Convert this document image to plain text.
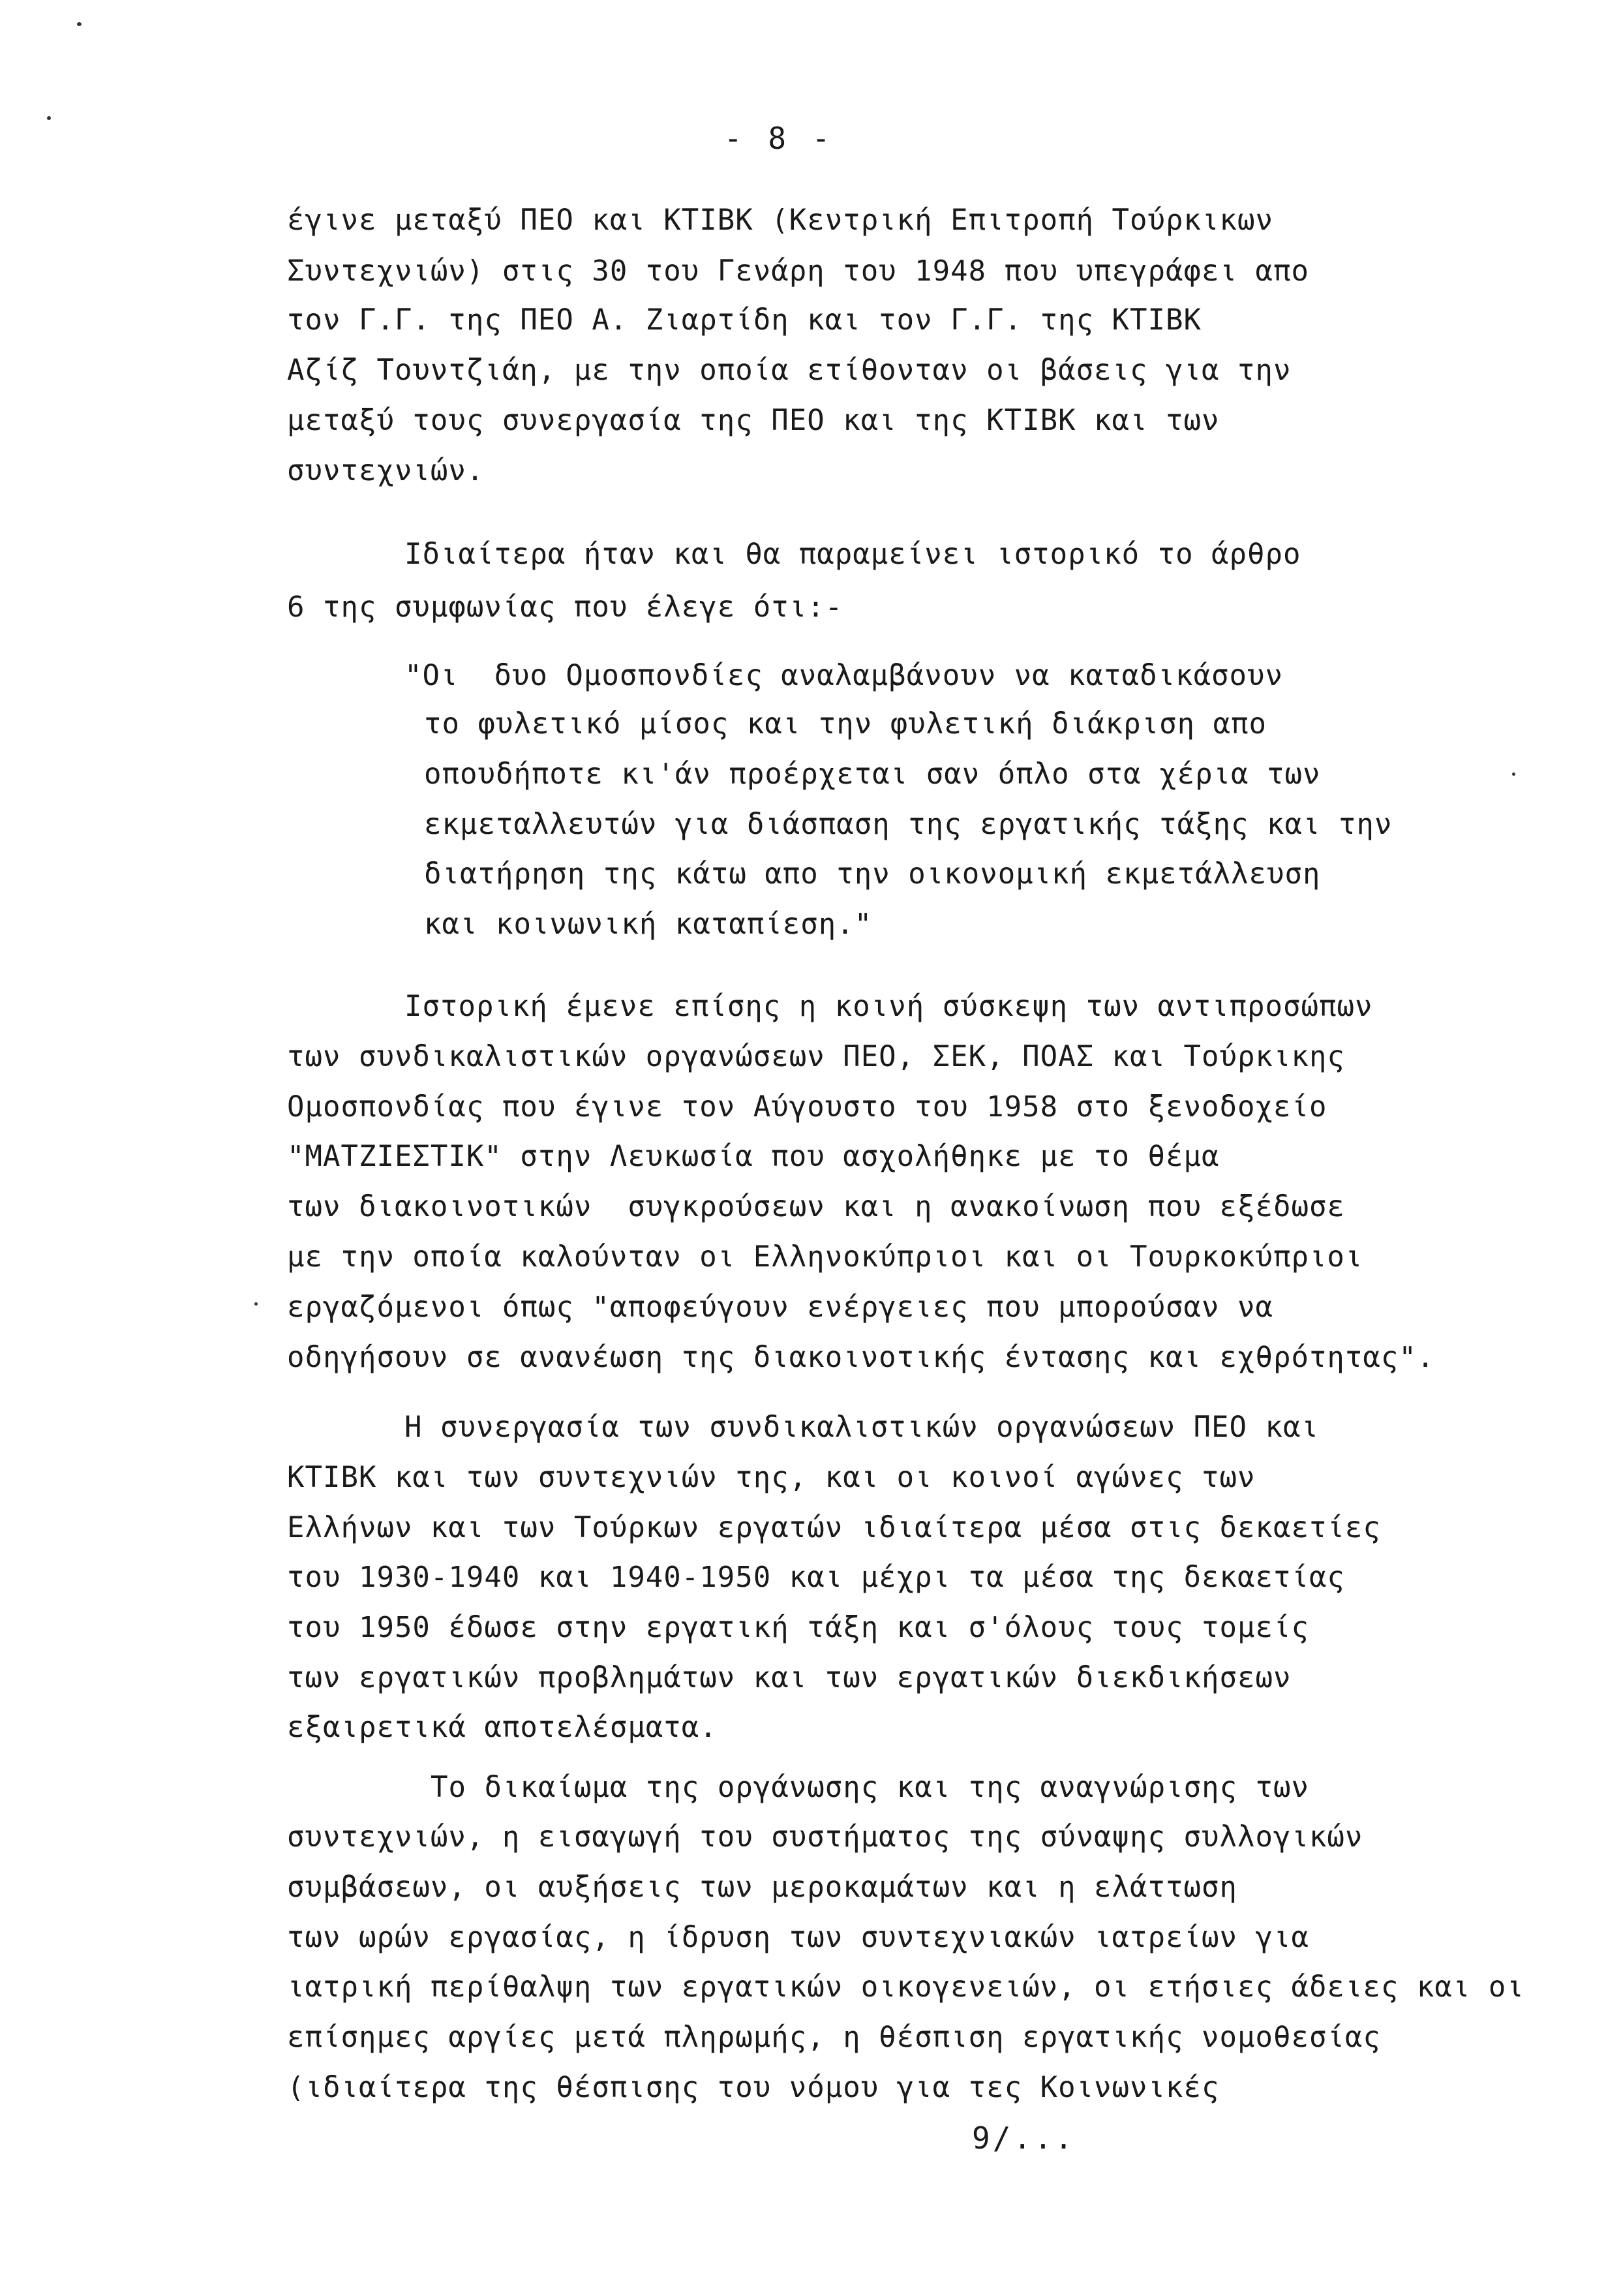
- 8 -
έγινε μεταξύ ΠΕΟ και ΚΤΙΒΚ (Κεντρική Επιτροπή Τούρκικων
Συντεχνιών) στις 30 του Γενάρη του 1948 που υπεγράφει απο
τον Γ.Γ. της ΠΕΟ Α. Ζιαρτίδη και τον Γ.Γ. της ΚΤΙΒΚ
Αζίζ Τουντζιάη, με την οποία ετίθονταν οι βάσεις για την
μεταξύ τους συνεργασία της ΠΕΟ και της ΚΤΙΒΚ και των
συντεχνιών.
Ιδιαίτερα ήταν και θα παραμείνει ιστορικό το άρθρο
6 της συμφωνίας που έλεγε ότι:-
"Οι  δυο Ομοσπονδίες αναλαμβάνουν να καταδικάσουν
το φυλετικό μίσος και την φυλετική διάκριση απο
οπουδήποτε κι'άν προέρχεται σαν όπλο στα χέρια των
εκμεταλλευτών για διάσπαση της εργατικής τάξης και την
διατήρηση της κάτω απο την οικονομική εκμετάλλευση
και κοινωνική καταπίεση."
Ιστορική έμενε επίσης η κοινή σύσκεψη των αντιπροσώπων
των συνδικαλιστικών οργανώσεων ΠΕΟ, ΣΕΚ, ΠΟΑΣ και Τούρκικης
Ομοσπονδίας που έγινε τον Αύγουστο του 1958 στο ξενοδοχείο
"ΜΑΤΖΙΕΣΤΙΚ" στην Λευκωσία που ασχολήθηκε με το θέμα
των διακοινοτικών  συγκρούσεων και η ανακοίνωση που εξέδωσε
με την οποία καλούνταν οι Ελληνοκύπριοι και οι Τουρκοκύπριοι
εργαζόμενοι όπως "αποφεύγουν ενέργειες που μπορούσαν να
οδηγήσουν σε ανανέωση της διακοινοτικής έντασης και εχθρότητας".
Η συνεργασία των συνδικαλιστικών οργανώσεων ΠΕΟ και
ΚΤΙΒΚ και των συντεχνιών της, και οι κοινοί αγώνες των
Ελλήνων και των Τούρκων εργατών ιδιαίτερα μέσα στις δεκαετίες
του 1930-1940 και 1940-1950 και μέχρι τα μέσα της δεκαετίας
του 1950 έδωσε στην εργατική τάξη και σ'όλους τους τομείς
των εργατικών προβλημάτων και των εργατικών διεκδικήσεων
εξαιρετικά αποτελέσματα.
Το δικαίωμα της οργάνωσης και της αναγνώρισης των
συντεχνιών, η εισαγωγή του συστήματος της σύναψης συλλογικών
συμβάσεων, οι αυξήσεις των μεροκαμάτων και η ελάττωση
των ωρών εργασίας, η ίδρυση των συντεχνιακών ιατρείων για
ιατρική περίθαλψη των εργατικών οικογενειών, οι ετήσιες άδειες και οι
επίσημες αργίες μετά πληρωμής, η θέσπιση εργατικής νομοθεσίας
(ιδιαίτερα της θέσπισης του νόμου για τες Κοινωνικές
9/...
